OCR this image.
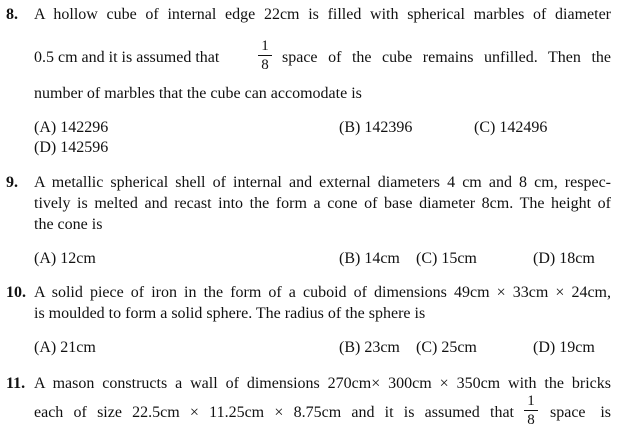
8. A hollow cube of internal edge 22cm is filled with spherical marbles of diameter
0.5 cm and it is assumed that
1
8 space of the cube remains unfilled. Then the
number of marbles that the cube can accomodate is
(A) 142296	(B) 142396	(C) 142496
(D) 142596
9. A metallic spherical shell of internal and external diameters 4 cm and 8 cm, respec-
tively is melted and recast into the form a cone of base diameter 8cm. The height of
the cone is
(A) 12cm	(B) 14cm (C) 15cm	(D) 18cm
10. A solid piece of iron in the form of a cuboid of dimensions 49cm × 33cm × 24cm,
is moulded to form a solid sphere. The radius of the sphere is
(A) 21cm	(B) 23cm (C) 25cm	(D) 19cm
11. A mason constructs a wall of dimensions 270cm× 300cm × 350cm with the bricks
each of size 22.5cm × 11.25cm × 8.75cm and it is assumed that
1
8 space is
